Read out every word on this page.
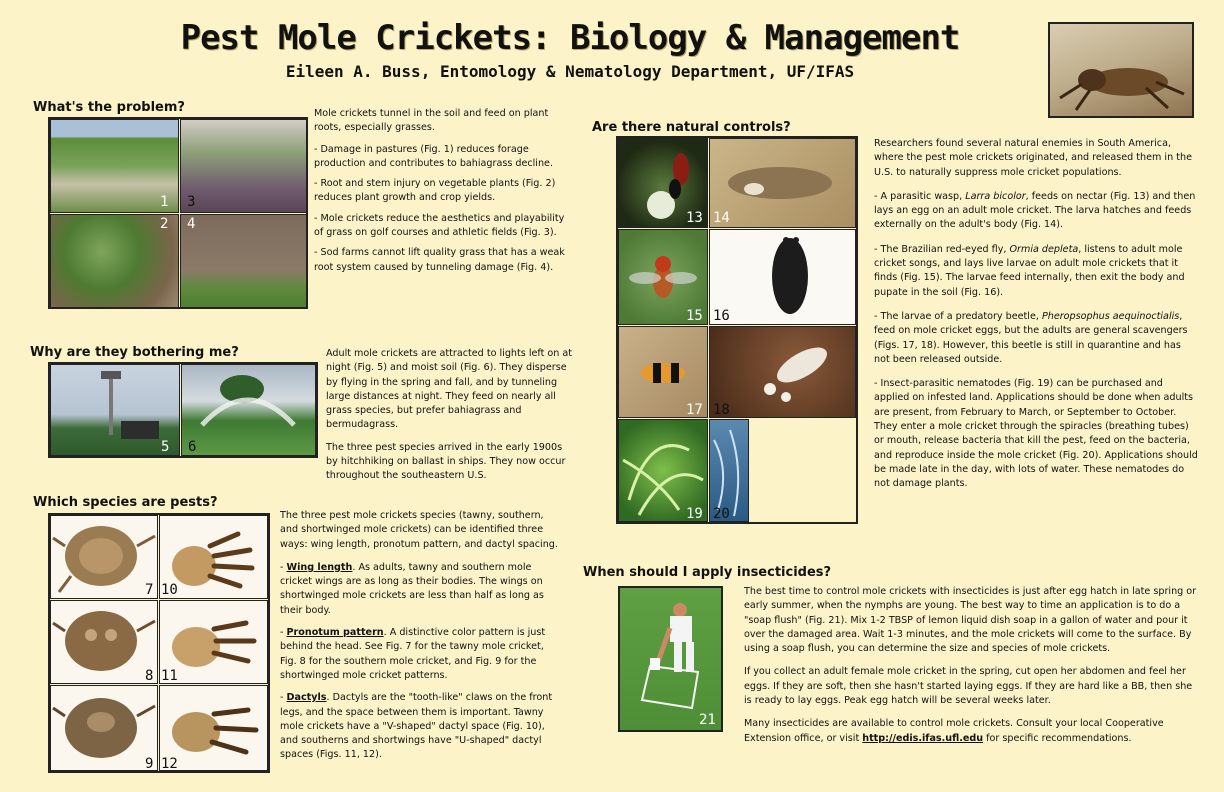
Pest Mole Crickets: Biology & Management
Eileen A. Buss, Entomology & Nematology Department, UF/IFAS
What's the problem?
1 3
2 4

Mole crickets tunnel in the soil and feed on plant roots, especially grasses.

- Damage in pastures (Fig. 1) reduces forage production and contributes to bahiagrass decline.

- Root and stem injury on vegetable plants (Fig. 2) reduces plant growth and crop yields.

- Mole crickets reduce the aesthetics and playability of grass on golf courses and athletic fields (Fig. 3).

- Sod farms cannot lift quality grass that has a weak root system caused by tunneling damage (Fig. 4).

Why are they bothering me?
5 6

Adult mole crickets are attracted to lights left on at night (Fig. 5) and moist soil (Fig. 6). They disperse by flying in the spring and fall, and by tunneling large distances at night. They feed on nearly all grass species, but prefer bahiagrass and bermudagrass.

The three pest species arrived in the early 1900s by hitchhiking on ballast in ships. They now occur throughout the southeastern U.S.

Which species are pests?
7 10
8 11
9 12

The three pest mole crickets species (tawny, southern, and shortwinged mole crickets) can be identified three ways: wing length, pronotum pattern, and dactyl spacing.

- Wing length. As adults, tawny and southern mole cricket wings are as long as their bodies. The wings on shortwinged mole crickets are less than half as long as their body.

- Pronotum pattern. A distinctive color pattern is just behind the head. See Fig. 7 for the tawny mole cricket, Fig. 8 for the southern mole cricket, and Fig. 9 for the shortwinged mole cricket patterns.

- Dactyls. Dactyls are the "tooth-like" claws on the front legs, and the space between them is important. Tawny mole crickets have a "V-shaped" dactyl space (Fig. 10), and southerns and shortwings have "U-shaped" dactyl spaces (Figs. 11, 12).

Are there natural controls?
13 14
15 16
17 18
19 20

Researchers found several natural enemies in South America, where the pest mole crickets originated, and released them in the U.S. to naturally suppress mole cricket populations.

- A parasitic wasp, Larra bicolor, feeds on nectar (Fig. 13) and then lays an egg on an adult mole cricket. The larva hatches and feeds externally on the adult's body (Fig. 14).

- The Brazilian red-eyed fly, Ormia depleta, listens to adult mole cricket songs, and lays live larvae on adult mole crickets that it finds (Fig. 15). The larvae feed internally, then exit the body and pupate in the soil (Fig. 16).

- The larvae of a predatory beetle, Pheropsophus aequinoctialis, feed on mole cricket eggs, but the adults are general scavengers (Figs. 17, 18). However, this beetle is still in quarantine and has not been released outside.

- Insect-parasitic nematodes (Fig. 19) can be purchased and applied on infested land. Applications should be done when adults are present, from February to March, or September to October. They enter a mole cricket through the spiracles (breathing tubes) or mouth, release bacteria that kill the pest, feed on the bacteria, and reproduce inside the mole cricket (Fig. 20). Applications should be made late in the day, with lots of water. These nematodes do not damage plants.

When should I apply insecticides?
21

The best time to control mole crickets with insecticides is just after egg hatch in late spring or early summer, when the nymphs are young. The best way to time an application is to do a "soap flush" (Fig. 21). Mix 1-2 TBSP of lemon liquid dish soap in a gallon of water and pour it over the damaged area. Wait 1-3 minutes, and the mole crickets will come to the surface. By using a soap flush, you can determine the size and species of mole crickets.

If you collect an adult female mole cricket in the spring, cut open her abdomen and feel her eggs. If they are soft, then she hasn't started laying eggs. If they are hard like a BB, then she is ready to lay eggs. Peak egg hatch will be several weeks later.

Many insecticides are available to control mole crickets. Consult your local Cooperative Extension office, or visit http://edis.ifas.ufl.edu for specific recommendations.
